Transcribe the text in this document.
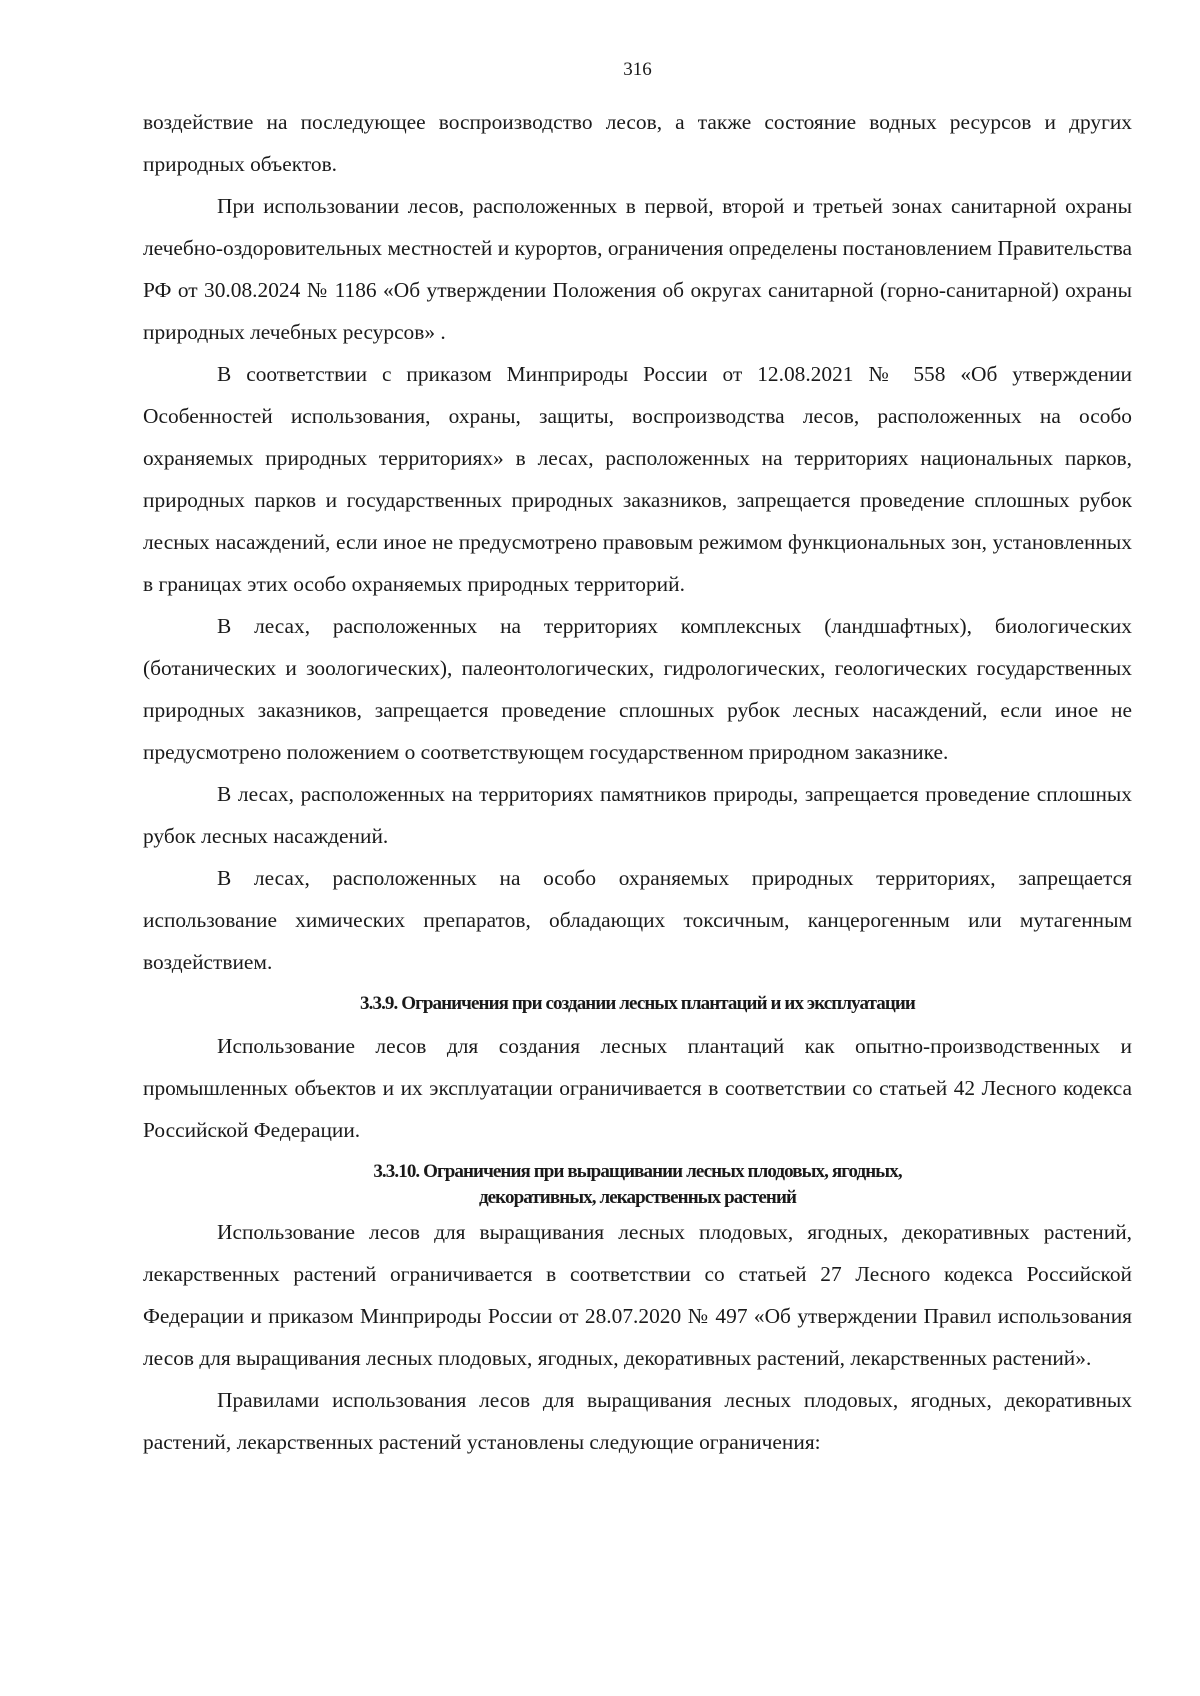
316

воздействие на последующее воспроизводство лесов, а также состояние водных ресурсов и других природных объектов.

При использовании лесов, расположенных в первой, второй и третьей зонах санитарной охраны лечебно-оздоровительных местностей и курортов, ограничения определены постановлением Правительства РФ от 30.08.2024 № 1186 «Об утверждении Положения об округах санитарной (горно-санитарной) охраны природных лечебных ресурсов» .

В соответствии с приказом Минприроды России от 12.08.2021 № 558 «Об утверждении Особенностей использования, охраны, защиты, воспроизводства лесов, расположенных на особо охраняемых природных территориях» в лесах, расположенных на территориях национальных парков, природных парков и государственных природных заказников, запрещается проведение сплошных рубок лесных насаждений, если иное не предусмотрено правовым режимом функциональных зон, установленных в границах этих особо охраняемых природных территорий.

В лесах, расположенных на территориях комплексных (ландшафтных), биологических (ботанических и зоологических), палеонтологических, гидрологических, геологических государственных природных заказников, запрещается проведение сплошных рубок лесных насаждений, если иное не предусмотрено положением о соответствующем государственном природном заказнике.

В лесах, расположенных на территориях памятников природы, запрещается проведение сплошных рубок лесных насаждений.

В лесах, расположенных на особо охраняемых природных территориях, запрещается использование химических препаратов, обладающих токсичным, канцерогенным или мутагенным воздействием.

3.3.9. Ограничения при создании лесных плантаций и их эксплуатации

Использование лесов для создания лесных плантаций как опытно-производственных и промышленных объектов и их эксплуатации ограничивается в соответствии со статьей 42 Лесного кодекса Российской Федерации.

3.3.10. Ограничения при выращивании лесных плодовых, ягодных,
декоративных, лекарственных растений

Использование лесов для выращивания лесных плодовых, ягодных, декоративных растений, лекарственных растений ограничивается в соответствии со статьей 27 Лесного кодекса Российской Федерации и приказом Минприроды России от 28.07.2020 № 497 «Об утверждении Правил использования лесов для выращивания лесных плодовых, ягодных, декоративных растений, лекарственных растений».

Правилами использования лесов для выращивания лесных плодовых, ягодных, декоративных растений, лекарственных растений установлены следующие ограничения:
